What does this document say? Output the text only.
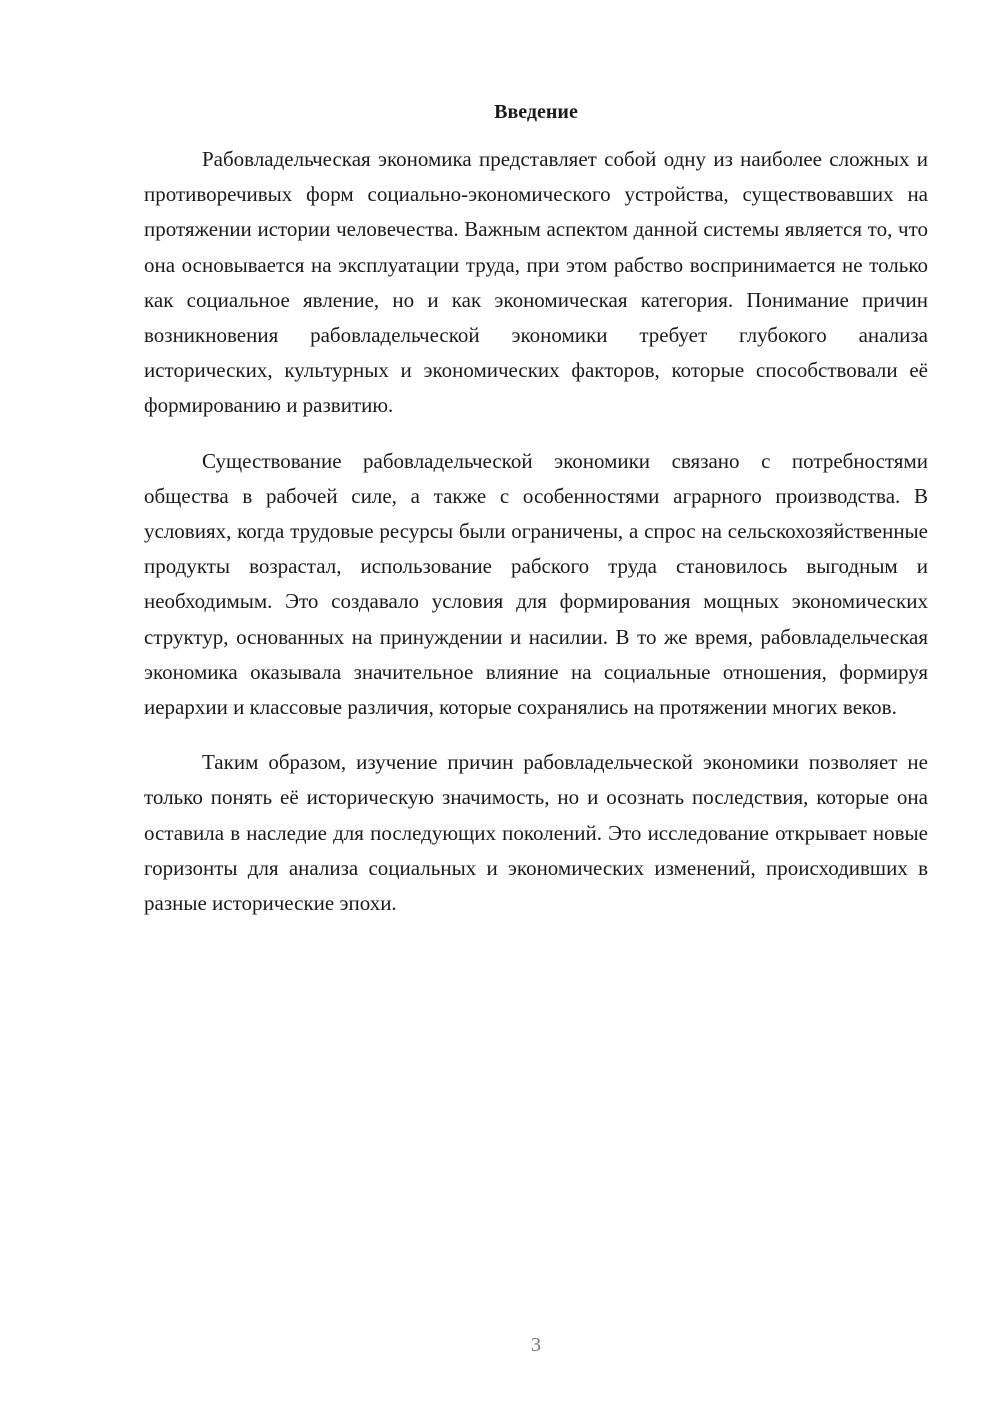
Введение

Рабовладельческая экономика представляет собой одну из наиболее сложных и противоречивых форм социально-экономического устройства, существовавших на протяжении истории человечества. Важным аспектом данной системы является то, что она основывается на эксплуатации труда, при этом рабство воспринимается не только как социальное явление, но и как экономическая категория. Понимание причин возникновения рабовладельческой экономики требует глубокого анализа исторических, культурных и экономических факторов, которые способствовали её формированию и развитию.

Существование рабовладельческой экономики связано с потребностями общества в рабочей силе, а также с особенностями аграрного производства. В условиях, когда трудовые ресурсы были ограничены, а спрос на сельскохозяйственные продукты возрастал, использование рабского труда становилось выгодным и необходимым. Это создавало условия для формирования мощных экономических структур, основанных на принуждении и насилии. В то же время, рабовладельческая экономика оказывала значительное влияние на социальные отношения, формируя иерархии и классовые различия, которые сохранялись на протяжении многих веков.

Таким образом, изучение причин рабовладельческой экономики позволяет не только понять её историческую значимость, но и осознать последствия, которые она оставила в наследие для последующих поколений. Это исследование открывает новые горизонты для анализа социальных и экономических изменений, происходивших в разные исторические эпохи.

3
